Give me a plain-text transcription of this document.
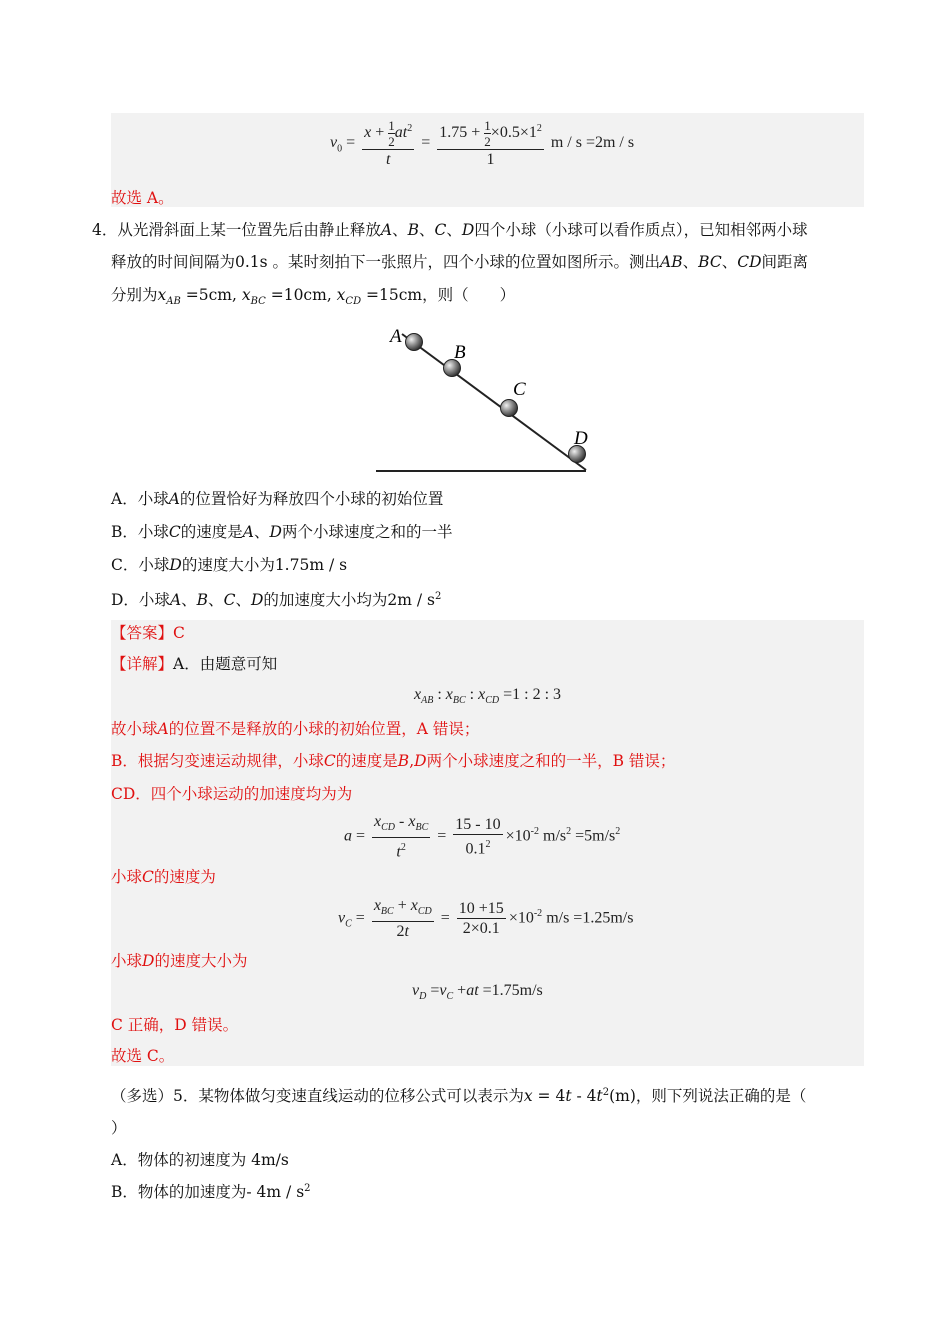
$v_0 = \frac{x + \frac{1}{2} at^2}{t} = \frac{1.75 + \frac{1}{2} \times 0.5\times 1^2}{1}$ m / s =2m / s
故选 A。
4．从光滑斜面上某一位置先后由静止释放A、B、C、D四个小球（小球可以看作质点），已知相邻两小球
释放的时间间隔为0.1s 。某时刻拍下一张照片，四个小球的位置如图所示。测出AB、BC、CD间距离
分别为$x_{AB} =5cm$, $x_{BC} =10cm$, $x_{CD} =15cm$，则（　　）
A
B
C
D
A．小球A的位置恰好为释放四个小球的初始位置
B．小球C的速度是A、D两个小球速度之和的一半
C．小球D的速度大小为1.75m / s
D．小球A、B、C、D的加速度大小均为$2m / s^2$
【答案】C
【详解】A．由题意可知
$x_{AB}$ : $x_{BC}$ : $x_{CD} =1$ : 2 : 3
故小球A的位置不是释放的小球的初始位置，A 错误；
B．根据匀变速运动规律，小球C的速度是B,D两个小球速度之和的一半，B 错误；
CD．四个小球运动的加速度均为为
$a = \frac{x_{CD} - x_{BC}}{t^2} = \frac{15 - 10}{0.1^2} \times 10^{-2}$ $m/s^2 =5m/s^2$
小球C的速度为
$v_C = \frac{x_{BC} + x_{CD}}{2t} = \frac{10 +15}{2\times 0.1} \times 10^{-2}$ m/s =1.25m/s
小球D的速度大小为
$v_D =v_C +at =1.75m/s$
C 正确，D 错误。
故选 C。
（多选）5．某物体做匀变速直线运动的位移公式可以表示为$x = 4t - 4t^2(m)$，则下列说法正确的是（
）
A．物体的初速度为 4m/s
B．物体的加速度为- $4m / s^2$
